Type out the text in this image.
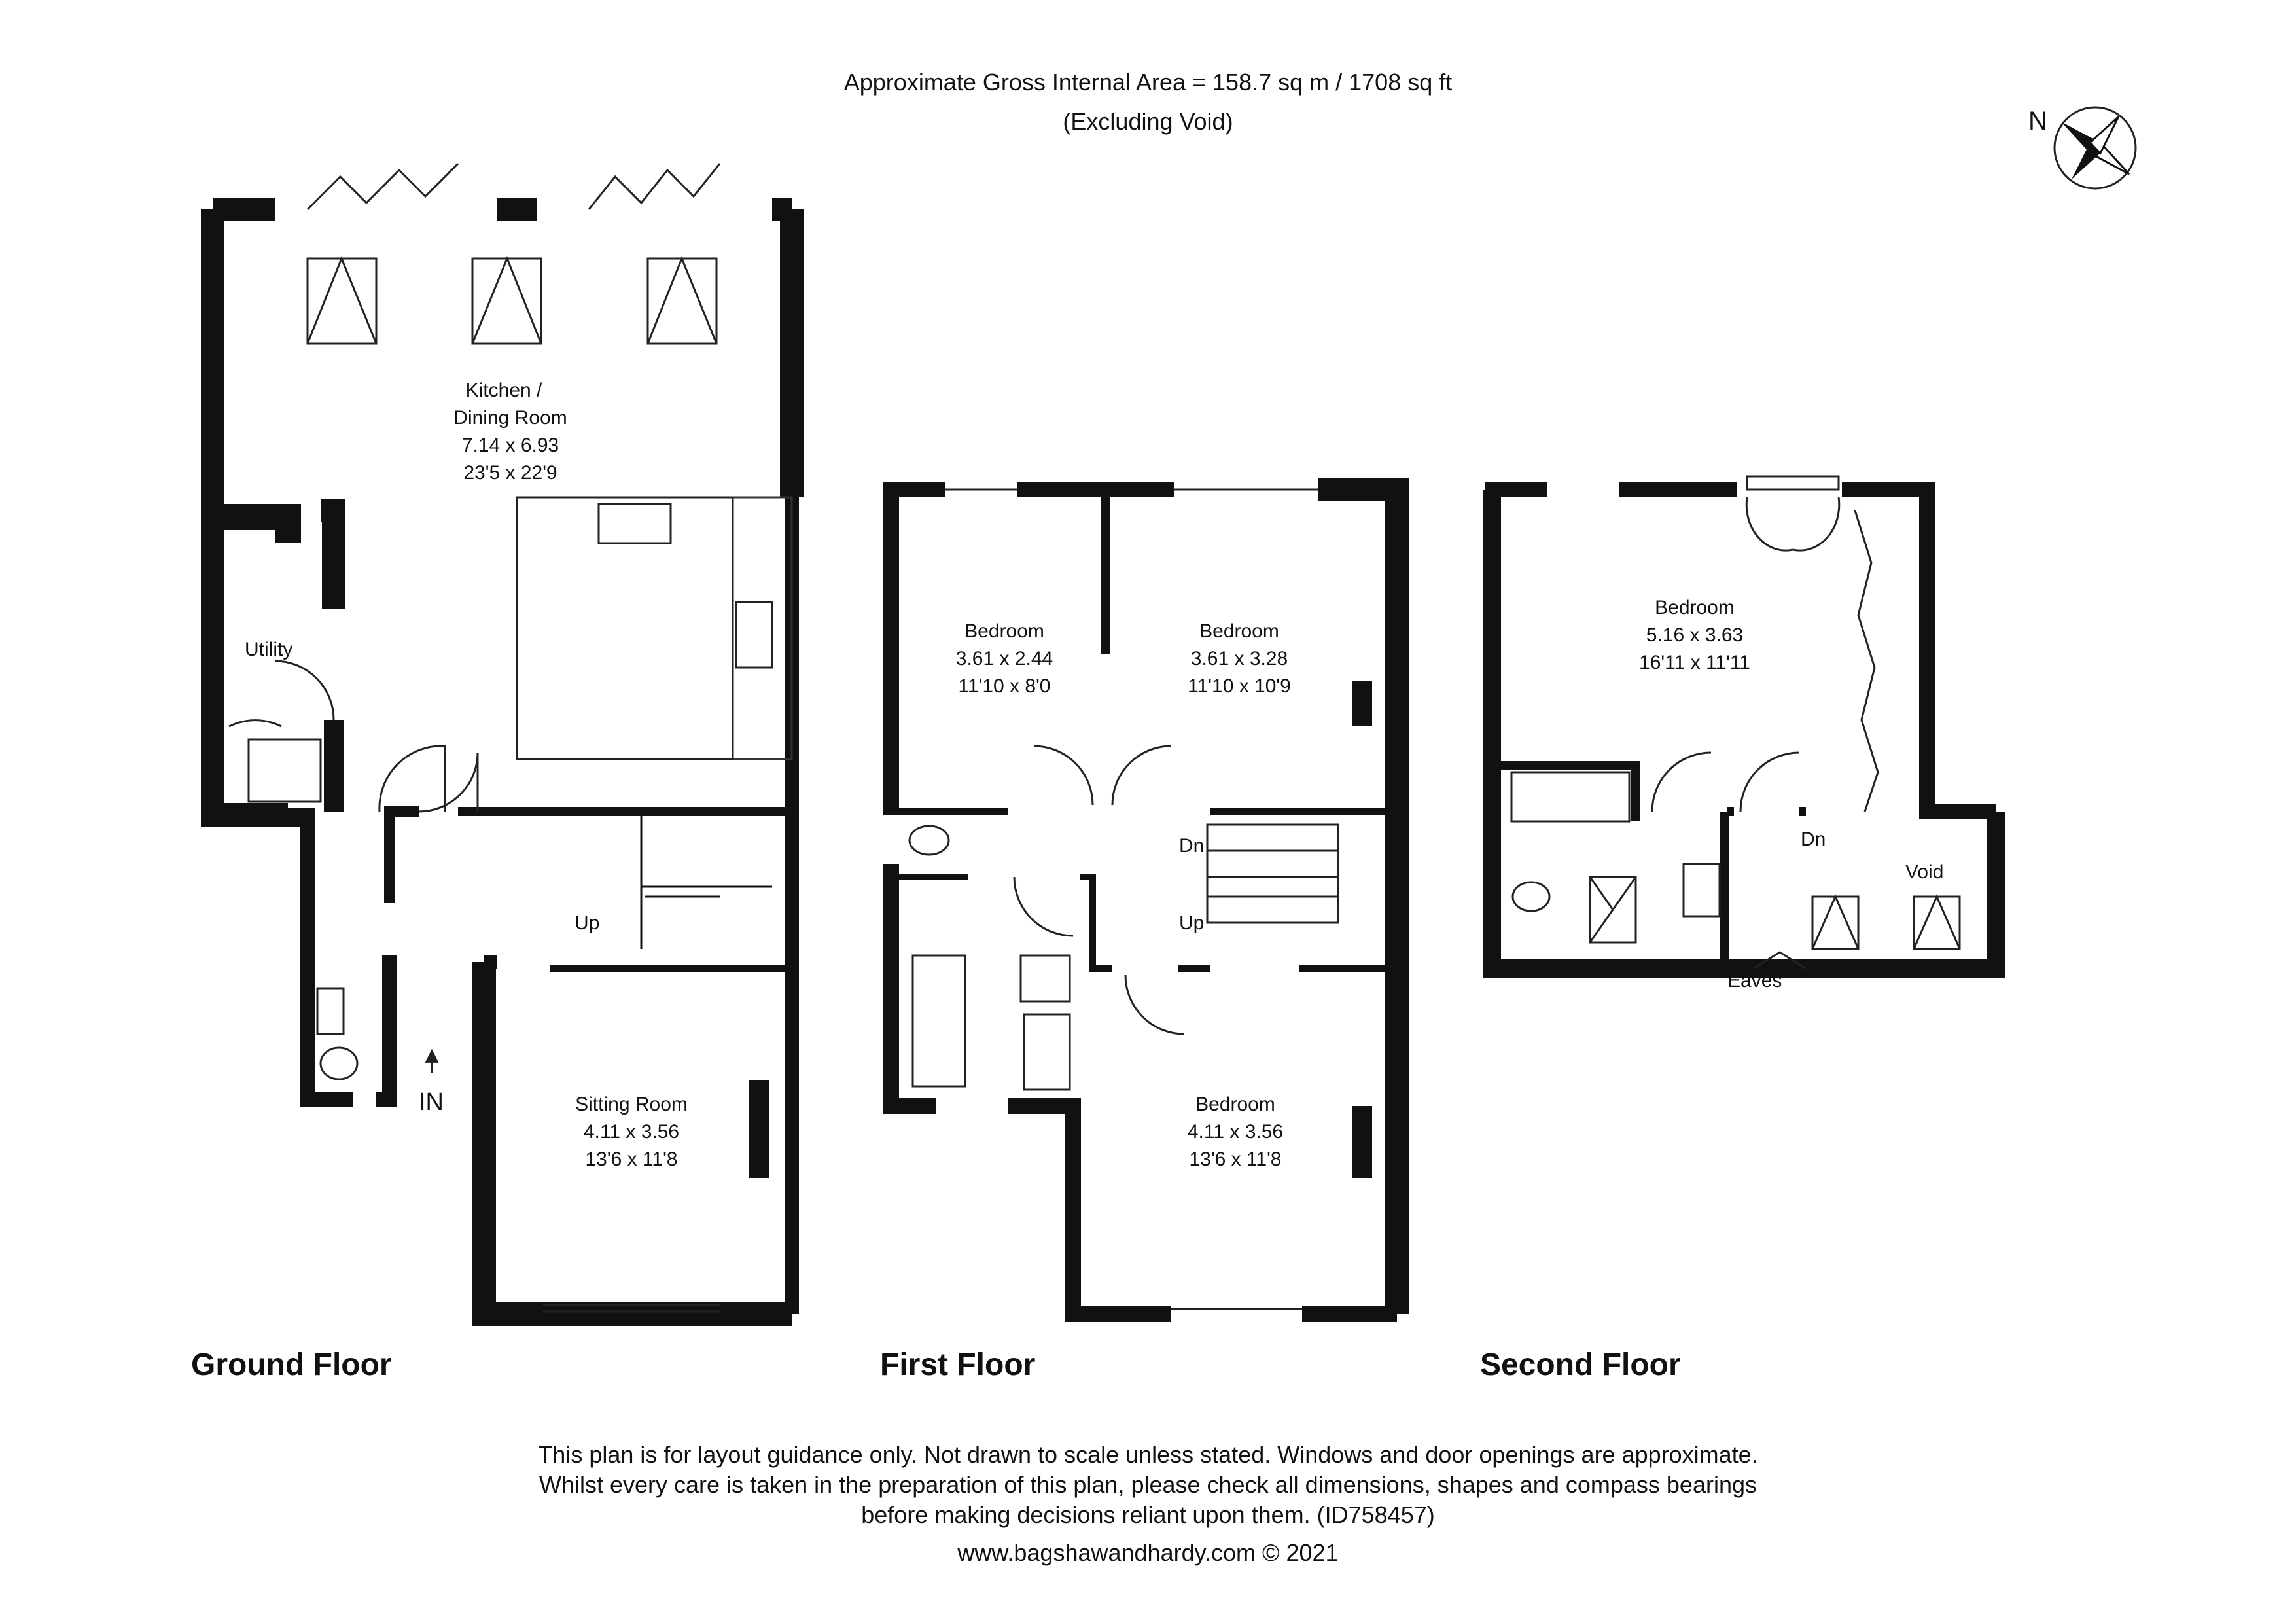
Approximate Gross Internal Area = 158.7 sq m / 1708 sq ft
(Excluding Void)	N
Kitchen /
Dining Room
7.14 x 6.93
23'5 x 22'9
Utility
Sitting Room
4.11 x 3.56
13'6 x 11'8
Up
IN
Bedroom
3.61 x 2.44
11'10 x 8'0
Bedroom
3.61 x 3.28
11'10 x 10'9
Bedroom
4.11 x 3.56
13'6 x 11'8
Dn
Up
Bedroom
5.16 x 3.63
16'11 x 11'11
Dn
Void
Eaves
Ground Floor	First Floor	Second Floor
This plan is for layout guidance only. Not drawn to scale unless stated. Windows and door openings are approximate.
Whilst every care is taken in the preparation of this plan, please check all dimensions, shapes and compass bearings
before making decisions reliant upon them. (ID758457)
www.bagshawandhardy.com © 2021
